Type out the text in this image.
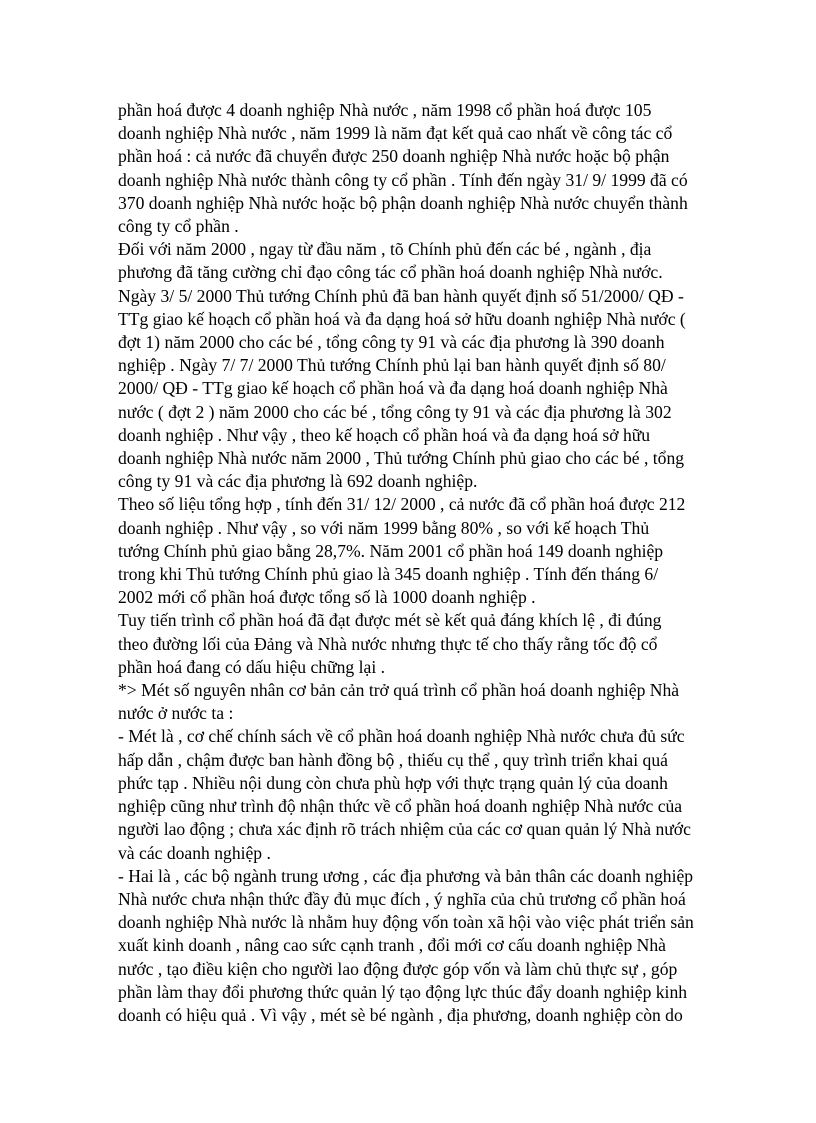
phần hoá được 4 doanh nghiệp Nhà nước , năm 1998 cổ phần hoá được 105
doanh nghiệp Nhà nước , năm 1999 là năm đạt kết quả cao nhất về công tác cổ
phần hoá : cả nước đã chuyển được 250 doanh nghiệp Nhà nước hoặc bộ phận
doanh nghiệp Nhà nước thành công ty cổ phần . Tính đến ngày 31/ 9/ 1999 đã có
370 doanh nghiệp Nhà nước hoặc bộ phận doanh nghiệp Nhà nước chuyển thành
công ty cổ phần .
Đối với năm 2000 , ngay từ đầu năm , tõ Chính phủ đến các bé , ngành , địa
phương đã tăng cường chỉ đạo công tác cổ phần hoá doanh nghiệp Nhà nước.
Ngày 3/ 5/ 2000 Thủ tướng Chính phủ đã ban hành quyết định số 51/2000/ QĐ -
TTg giao kế hoạch cổ phần hoá và đa dạng hoá sở hữu doanh nghiệp Nhà nước (
đợt 1) năm 2000 cho các bé , tổng công ty 91 và các địa phương là 390 doanh
nghiệp . Ngày 7/ 7/ 2000 Thủ tướng Chính phủ lại ban hành quyết định số 80/
2000/ QĐ - TTg giao kế hoạch cổ phần hoá và đa dạng hoá doanh nghiệp Nhà
nước ( đợt 2 ) năm 2000 cho các bé , tổng công ty 91 và các địa phương là 302
doanh nghiệp . Như vậy , theo kế hoạch cổ phần hoá và đa dạng hoá sở hữu
doanh nghiệp Nhà nước năm 2000 , Thủ tướng Chính phủ giao cho các bé , tổng
công ty 91 và các địa phương là 692 doanh nghiệp.
Theo số liệu tổng hợp , tính đến 31/ 12/ 2000 , cả nước đã cổ phần hoá được 212
doanh nghiệp . Như vậy , so với năm 1999 bằng 80% , so với kế hoạch Thủ
tướng Chính phủ giao bằng 28,7%. Năm 2001 cổ phần hoá 149 doanh nghiệp
trong khi Thủ tướng Chính phủ giao là 345 doanh nghiệp . Tính đến tháng 6/
2002 mới cổ phần hoá được tổng số là 1000 doanh nghiệp .
Tuy tiến trình cổ phần hoá đã đạt được mét sè kết quả đáng khích lệ , đi đúng
theo đường lối của Đảng và Nhà nước nhưng thực tế cho thấy rằng tốc độ cổ
phần hoá đang có dấu hiệu chững lại .
*> Mét số nguyên nhân cơ bản cản trở quá trình cổ phần hoá doanh nghiệp Nhà
nước ở nước ta :
- Mét là , cơ chế chính sách về cổ phần hoá doanh nghiệp Nhà nước chưa đủ sức
hấp dẫn , chậm được ban hành đồng bộ , thiếu cụ thể , quy trình triển khai quá
phức tạp . Nhiều nội dung còn chưa phù hợp với thực trạng quản lý của doanh
nghiệp cũng như trình độ nhận thức về cổ phần hoá doanh nghiệp Nhà nước của
người lao động ; chưa xác định rõ trách nhiệm của các cơ quan quản lý Nhà nước
và các doanh nghiệp .
- Hai là , các bộ ngành trung ương , các địa phương và bản thân các doanh nghiệp
Nhà nước chưa nhận thức đầy đủ mục đích , ý nghĩa của chủ trương cổ phần hoá
doanh nghiệp Nhà nước là nhằm huy động vốn toàn xã hội vào việc phát triển sản
xuất kinh doanh , nâng cao sức cạnh tranh , đổi mới cơ cấu doanh nghiệp Nhà
nước , tạo điều kiện cho người lao động được góp vốn và làm chủ thực sự , góp
phần làm thay đổi phương thức quản lý tạo động lực thúc đẩy doanh nghiệp kinh
doanh có hiệu quả . Vì vậy , mét sè bé ngành , địa phương, doanh nghiệp còn do
